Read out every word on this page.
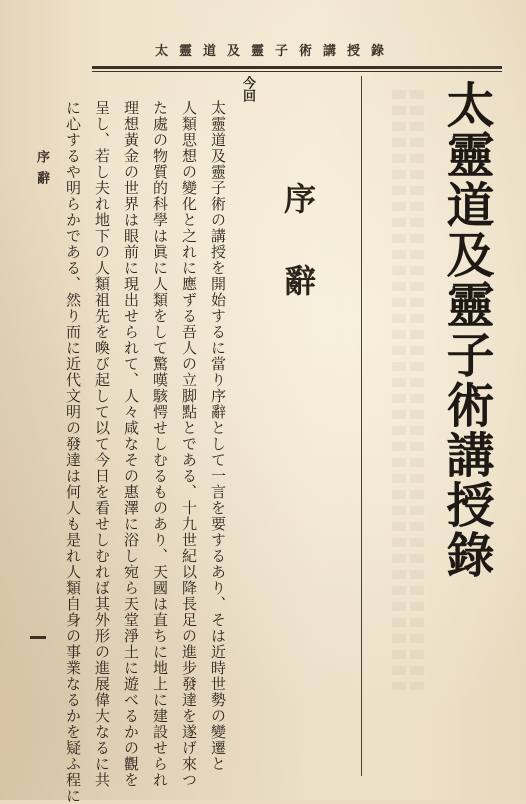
太靈道及靈子術講授錄
太靈道及靈子術講授錄
序辭
今回
太靈道及靈子術の講授を開始するに當り序辭として一言を要するあり、そは近時世勢の變遷と
人類思想の變化と之れに應ずる吾人の立脚點とである、十九世紀以降長足の進步發達を遂げ來つ
た處の物質的科學は眞に人類をして驚嘆駭愕せしむるものあり、天國は直ちに地上に建設せられ
理想黃金の世界は眼前に現出せられて、人々咸なその惠澤に浴し宛ら天堂淨土に遊べるかの觀を
呈し、若し夫れ地下の人類祖先を喚び起して以て今日を看せしむれば其外形の進展偉大なるに共
に心するや明らかである、然り而に近代文明の發達は何人も是れ人類自身の事業なるかを疑ふ程に
序辭
